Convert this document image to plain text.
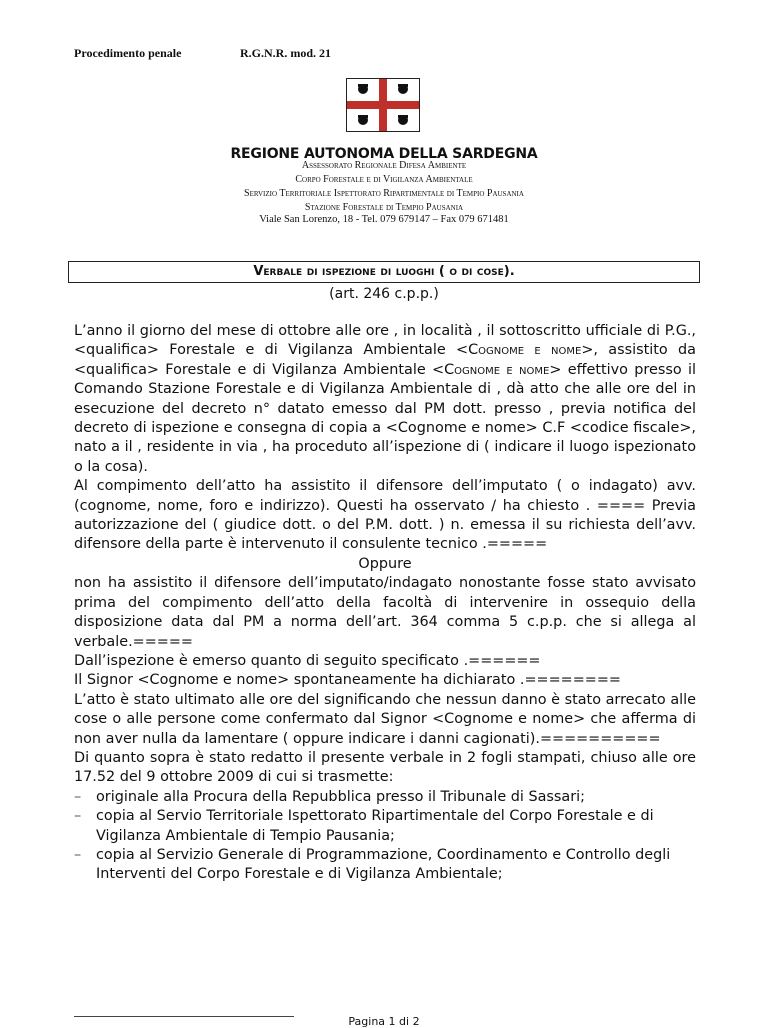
Procedimento penale	R.G.N.R. mod. 21
REGIONE AUTONOMA DELLA SARDEGNA
Assessorato Regionale Difesa Ambiente
Corpo Forestale e di Vigilanza Ambientale
Servizio Territoriale Ispettorato Ripartimentale di Tempio Pausania
Stazione Forestale di Tempio Pausania
Viale San Lorenzo, 18 - Tel. 079 679147 – Fax 079 671481
Verbale di ispezione di luoghi ( o di cose).
(art. 246 c.p.p.)

L’anno il giorno del mese di ottobre alle ore , in località , il sottoscritto ufficiale di P.G., <qualifica> Forestale e di Vigilanza Ambientale <Cognome e nome>, assistito da <qualifica> Forestale e di Vigilanza Ambientale <Cognome e nome> effettivo presso il Comando Stazione Forestale e di Vigilanza Ambientale di , dà atto che alle ore del in esecuzione del decreto n° datato emesso dal PM dott. presso , previa notifica del decreto di ispezione e consegna di copia a <Cognome e nome> C.F <codice fiscale>, nato a il , residente in via , ha proceduto all’ispezione di ( indicare il luogo ispezionato o la cosa).

Al compimento dell’atto ha assistito il difensore dell’imputato ( o indagato) avv. (cognome, nome, foro e indirizzo). Questi ha osservato / ha chiesto . ==== Previa autorizzazione del ( giudice dott. o del P.M. dott. ) n. emessa il su richiesta dell’avv. difensore della parte è intervenuto il consulente tecnico .=====

Oppure

non ha assistito il difensore dell’imputato/indagato nonostante fosse stato avvisato prima del compimento dell’atto della facoltà di intervenire in ossequio della disposizione data dal PM a norma dell’art. 364 comma 5 c.p.p. che si allega al verbale.=====

Dall’ispezione è emerso quanto di seguito specificato .======

Il Signor <Cognome e nome> spontaneamente ha dichiarato .========

L’atto è stato ultimato alle ore del significando che nessun danno è stato arrecato alle cose o alle persone come confermato dal Signor <Cognome e nome> che afferma di non aver nulla da lamentare ( oppure indicare i danni cagionati).==========

Di quanto sopra è stato redatto il presente verbale in 2 fogli stampati, chiuso alle ore 17.52 del 9 ottobre 2009 di cui si trasmette:

– originale alla Procura della Repubblica presso il Tribunale di Sassari;
– copia al Servio Territoriale Ispettorato Ripartimentale del Corpo Forestale e di Vigilanza Ambientale di Tempio Pausania;
– copia al Servizio Generale di Programmazione, Coordinamento e Controllo degli Interventi del Corpo Forestale e di Vigilanza Ambientale;
Pagina 1 di 2
